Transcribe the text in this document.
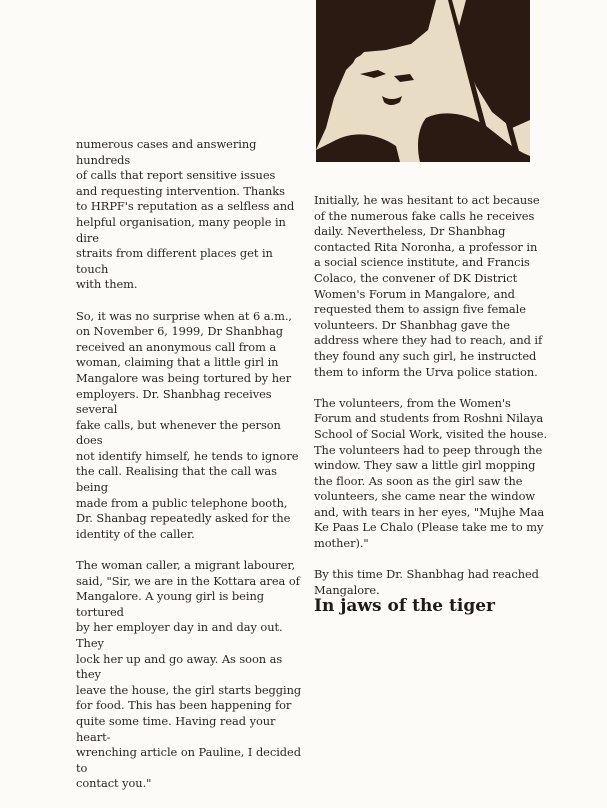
numerous cases and answering hundreds
of calls that report sensitive issues
and requesting intervention. Thanks
to HRPF's reputation as a selfless and
helpful organisation, many people in dire
straits from different places get in touch
with them.

So, it was no surprise when at 6 a.m.,
on November 6, 1999, Dr Shanbhag
received an anonymous call from a
woman, claiming that a little girl in
Mangalore was being tortured by her
employers. Dr. Shanbhag receives several
fake calls, but whenever the person does
not identify himself, he tends to ignore
the call. Realising that the call was being
made from a public telephone booth,
Dr. Shanbag repeatedly asked for the
identity of the caller.

The woman caller, a migrant labourer,
said, "Sir, we are in the Kottara area of
Mangalore. A young girl is being tortured
by her employer day in and day out. They
lock her up and go away. As soon as they
leave the house, the girl starts begging
for food. This has been happening for
quite some time. Having read your heart-
wrenching article on Pauline, I decided to
contact you."

Initially, he was hesitant to act because
of the numerous fake calls he receives
daily. Nevertheless, Dr Shanbhag
contacted Rita Noronha, a professor in
a social science institute, and Francis
Colaco, the convener of DK District
Women's Forum in Mangalore, and
requested them to assign five female
volunteers. Dr Shanbhag gave the
address where they had to reach, and if
they found any such girl, he instructed
them to inform the Urva police station.

The volunteers, from the Women's
Forum and students from Roshni Nilaya
School of Social Work, visited the house.
The volunteers had to peep through the
window. They saw a little girl mopping
the floor. As soon as the girl saw the
volunteers, she came near the window
and, with tears in her eyes, "Mujhe Maa
Ke Paas Le Chalo (Please take me to my
mother)."

By this time Dr. Shanbhag had reached
Mangalore.

In jaws of the tiger
